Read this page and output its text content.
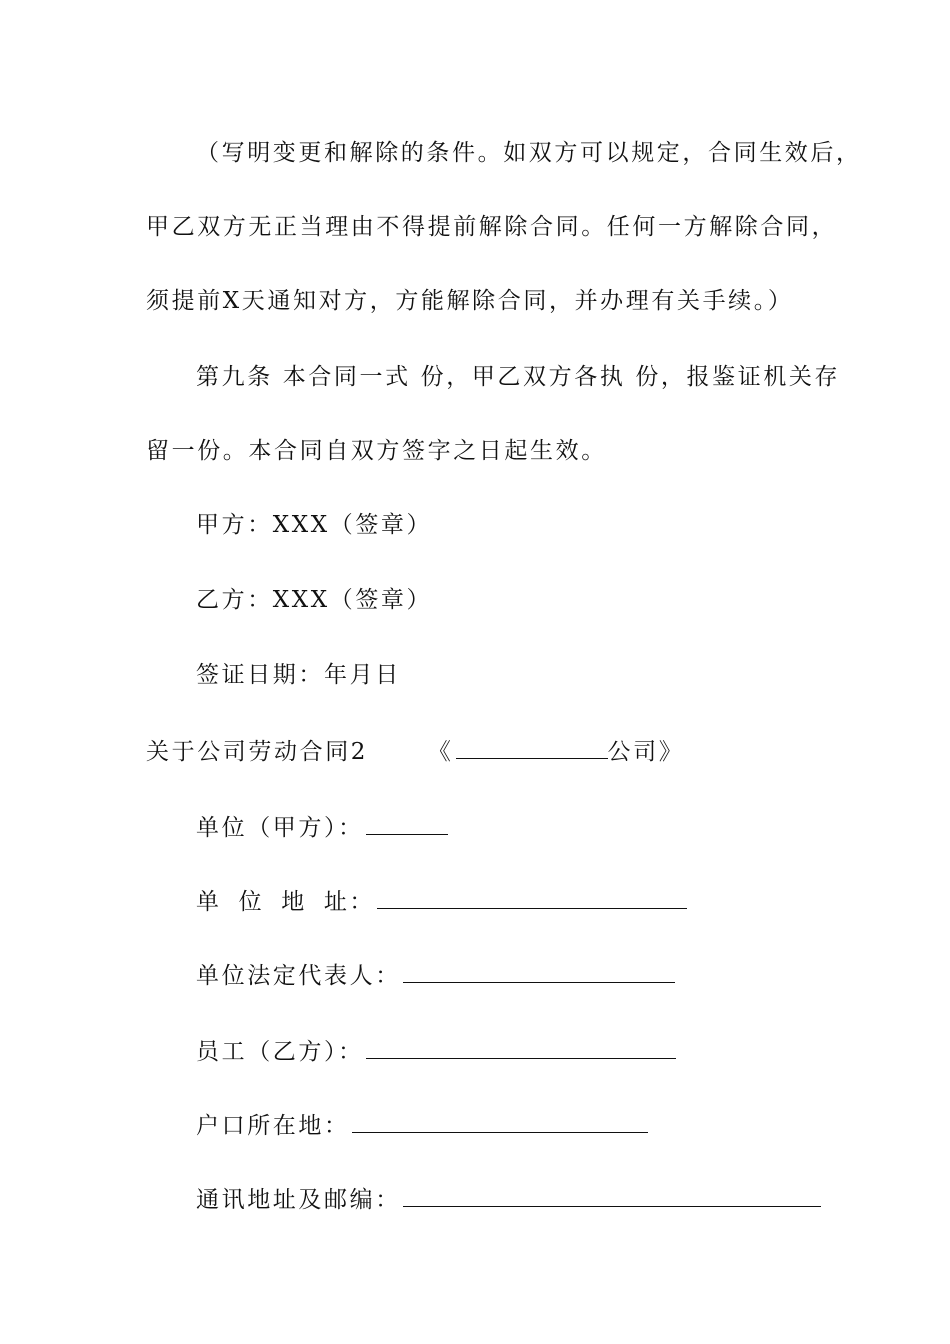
（写明变更和解除的条件。如双方可以规定，合同生效后，
甲乙双方无正当理由不得提前解除合同。任何一方解除合同，
须提前X天通知对方，方能解除合同，并办理有关手续。）
第九条 本合同一式 份，甲乙双方各执 份，报鉴证机关存
留一份。本合同自双方签字之日起生效。
甲方：XXX（签章）
乙方：XXX（签章）
签证日期：年月日
关于公司劳动合同2	《	公司》
单位（甲方）：
单 位 地 址：
单位法定代表人：
员工（乙方）：
户口所在地：
通讯地址及邮编：
